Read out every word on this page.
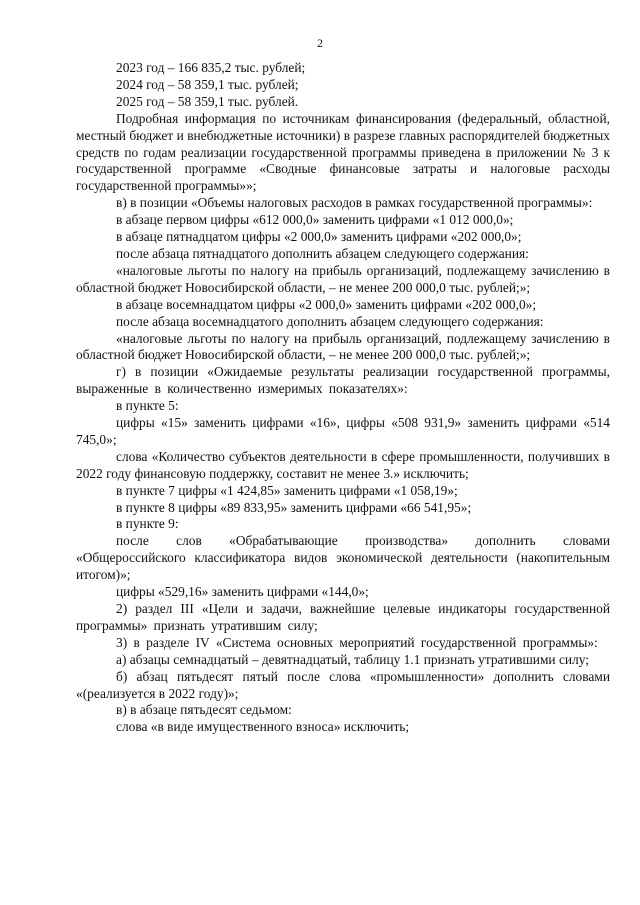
2

2023 год – 166 835,2 тыс. рублей;

2024 год – 58 359,1 тыс. рублей;

2025 год – 58 359,1 тыс. рублей.

Подробная информация по источникам финансирования (федеральный, областной, местный бюджет и внебюджетные источники) в разрезе главных распорядителей бюджетных средств по годам реализации государственной программы приведена в приложении № 3 к государственной программе «Сводные финансовые затраты и налоговые расходы государственной программы»»;

в) в позиции «Объемы налоговых расходов в рамках государственной программы»:

в абзаце первом цифры «612 000,0» заменить цифрами «1 012 000,0»;

в абзаце пятнадцатом цифры «2 000,0» заменить цифрами «202 000,0»;

после абзаца пятнадцатого дополнить абзацем следующего содержания:

«налоговые льготы по налогу на прибыль организаций, подлежащему зачислению в областной бюджет Новосибирской области, – не менее 200 000,0 тыс. рублей;»;

в абзаце восемнадцатом цифры «2 000,0» заменить цифрами «202 000,0»;

после абзаца восемнадцатого дополнить абзацем следующего содержания:

«налоговые льготы по налогу на прибыль организаций, подлежащему зачислению в областной бюджет Новосибирской области, – не менее 200 000,0 тыс. рублей;»;

г) в позиции «Ожидаемые результаты реализации государственной программы, выраженные в количественно измеримых показателях»:

в пункте 5:

цифры «15» заменить цифрами «16», цифры «508 931,9» заменить цифрами «514 745,0»;

слова «Количество субъектов деятельности в сфере промышленности, получивших в 2022 году финансовую поддержку, составит не менее 3.» исключить;

в пункте 7 цифры «1 424,85» заменить цифрами «1 058,19»;

в пункте 8 цифры «89 833,95» заменить цифрами «66 541,95»;

в пункте 9:

после слов «Обрабатывающие производства» дополнить словами «Общероссийского классификатора видов экономической деятельности (накопительным итогом)»;

цифры «529,16» заменить цифрами «144,0»;

2) раздел III «Цели и задачи, важнейшие целевые индикаторы государственной программы» признать утратившим силу;

3) в разделе IV «Система основных мероприятий государственной программы»:

а) абзацы семнадцатый – девятнадцатый, таблицу 1.1 признать утратившими силу;

б) абзац пятьдесят пятый после слова «промышленности» дополнить словами «(реализуется в 2022 году)»;

в) в абзаце пятьдесят седьмом:

слова «в виде имущественного взноса» исключить;
